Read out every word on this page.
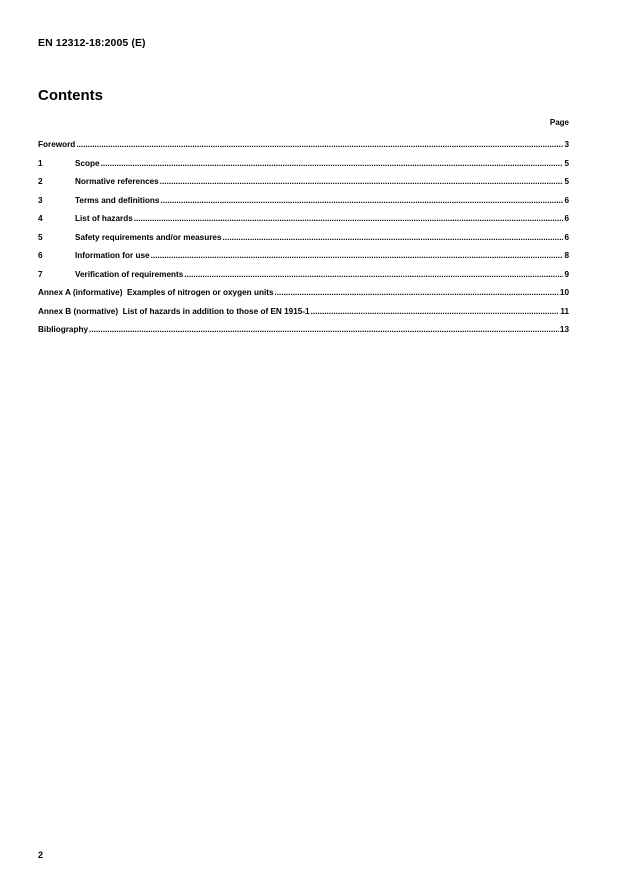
EN 12312-18:2005 (E)
Contents
Page
Foreword .....	3
1	Scope .....	5
2	Normative references .....	5
3	Terms and definitions .....	6
4	List of hazards .....	6
5	Safety requirements and/or measures .....	6
6	Information for use .....	8
7	Verification of requirements .....	9
Annex A (informative)  Examples of nitrogen or oxygen units .....	10
Annex B (normative)  List of hazards in addition to those of EN 1915-1 .....	11
Bibliography .....	13
2
